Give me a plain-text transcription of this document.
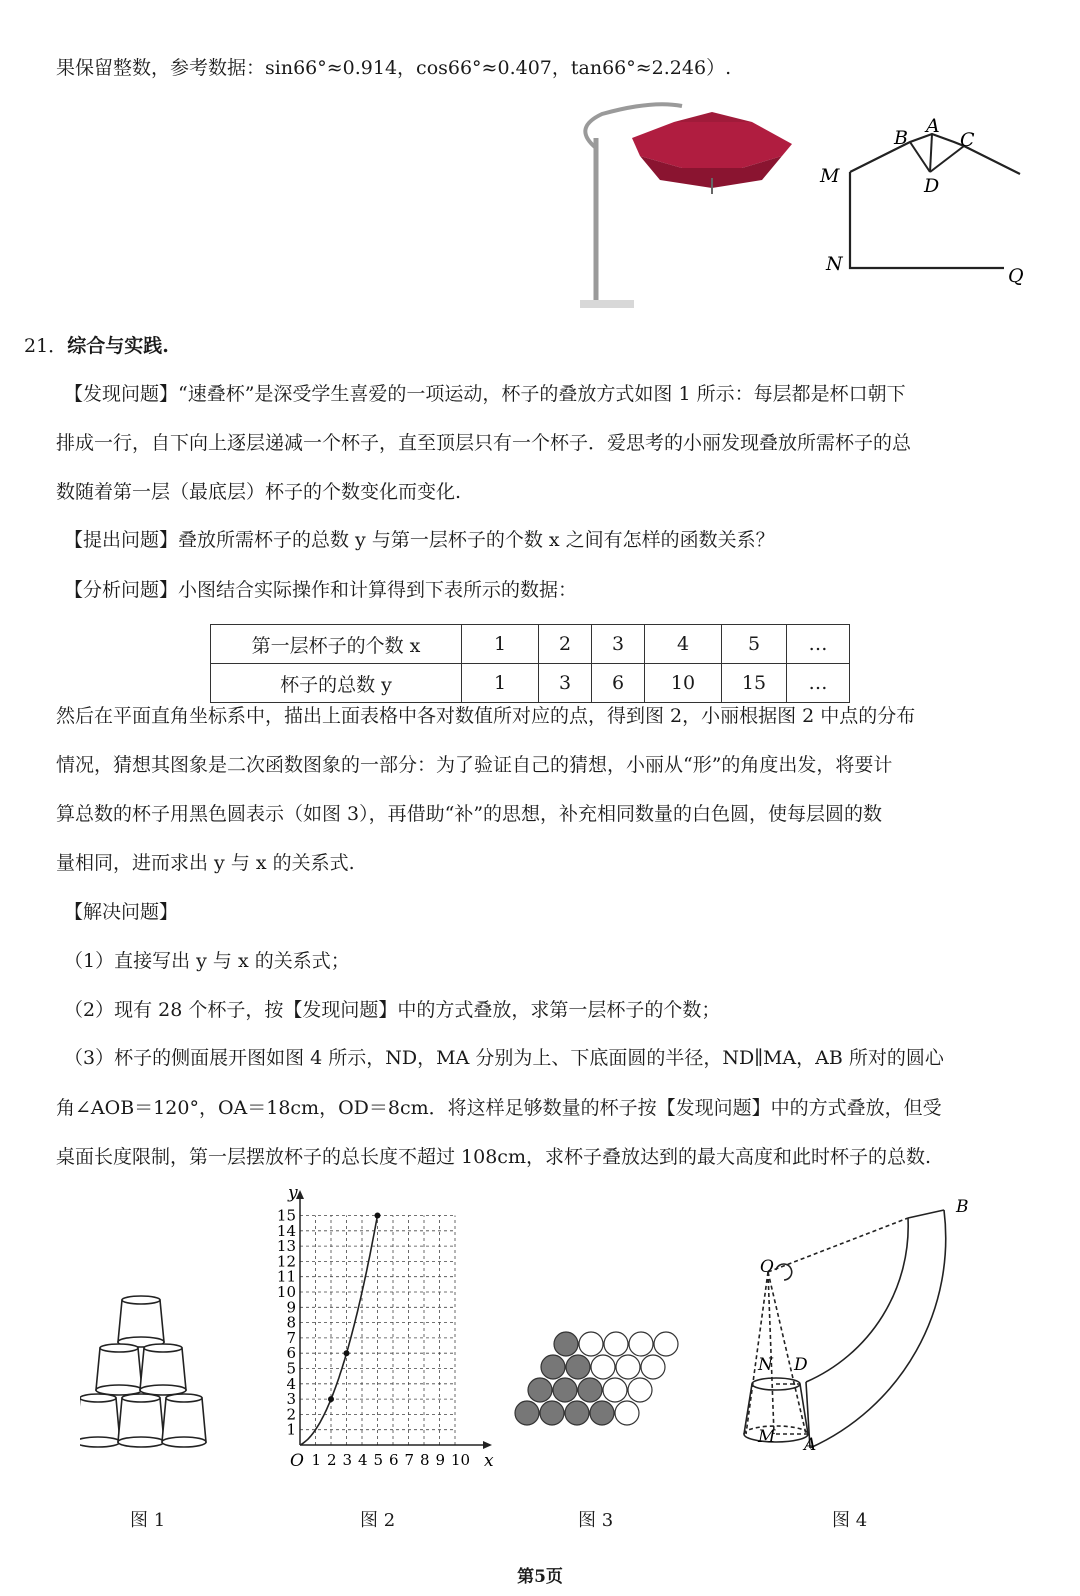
果保留整数，参考数据：sin66°≈0.914，cos66°≈0.407，tan66°≈2.246）.
B
A
C
D
M
N
Q
21．综合与实践.
【发现问题】“速叠杯”是深受学生喜爱的一项运动，杯子的叠放方式如图 1 所示：每层都是杯口朝下
排成一行，自下向上逐层递减一个杯子，直至顶层只有一个杯子．爱思考的小丽发现叠放所需杯子的总
数随着第一层（最底层）杯子的个数变化而变化.
【提出问题】叠放所需杯子的总数 y 与第一层杯子的个数 x 之间有怎样的函数关系？
【分析问题】小图结合实际操作和计算得到下表所示的数据：
第一层杯子的个数 x	1	2	3	4	5	…
杯子的总数 y	1	3	6	10	15	…
然后在平面直角坐标系中，描出上面表格中各对数值所对应的点，得到图 2，小丽根据图 2 中点的分布
情况，猜想其图象是二次函数图象的一部分：为了验证自己的猜想，小丽从“形”的角度出发，将要计
算总数的杯子用黑色圆表示（如图 3），再借助“补”的思想，补充相同数量的白色圆，使每层圆的数
量相同，进而求出 y 与 x 的关系式.
【解决问题】
（1）直接写出 y 与 x 的关系式；
（2）现有 28 个杯子，按【发现问题】中的方式叠放，求第一层杯子的个数；
（3）杯子的侧面展开图如图 4 所示，ND，MA 分别为上、下底面圆的半径，ND∥MA，AB 所对的圆心
角∠AOB＝120°，OA＝18cm，OD＝8cm．将这样足够数量的杯子按【发现问题】中的方式叠放，但受
桌面长度限制，第一层摆放杯子的总长度不超过 108cm，求杯子叠放达到的最大高度和此时杯子的总数.
1 2 3 4 5 6 7 8 9 10
1
2
3
4
5
6
7
8
9
10
11
12
13
14
15
O	x
y
O
B
N D
M A
图 1	图 2	图 3	图 4
第5页
